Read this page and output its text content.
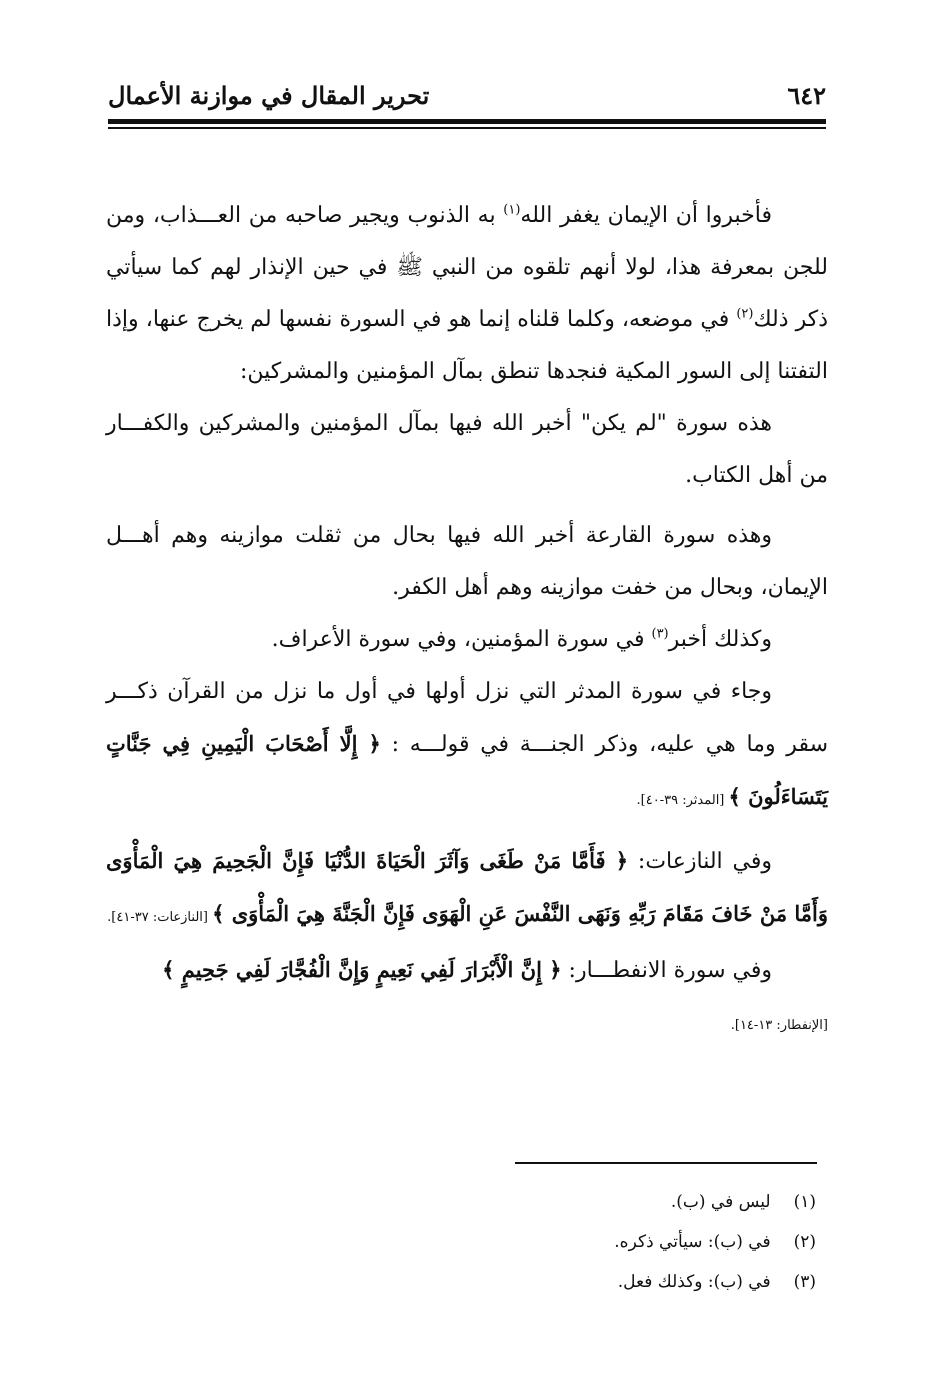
٦٤٢
تحرير المقال في موازنة الأعمال

فأخبروا أن الإيمان يغفر الله$^{(١)}$ به الذنوب ويجير صاحبه من العـــذاب، ومن للجن بمعرفة هذا، لولا أنهم تلقوه من النبي ﷺ في حين الإنذار لهم كما سيأتي ذكر ذلك$^{(٢)}$ في موضعه، وكلما قلناه إنما هو في السورة نفسها لم يخرج عنها، وإذا التفتنا إلى السور المكية فنجدها تنطق بمآل المؤمنين والمشركين:

هذه سورة "لم يكن" أخبر الله فيها بمآل المؤمنين والمشركين والكفـــار من أهل الكتاب.

وهذه سورة القارعة أخبر الله فيها بحال من ثقلت موازينه وهم أهـــل الإيمان، وبحال من خفت موازينه وهم أهل الكفر.

وكذلك أخبر$^{(٣)}$ في سورة المؤمنين، وفي سورة الأعراف.

وجاء في سورة المدثر التي نزل أولها في أول ما نزل من القرآن ذكـــر سقر وما هي عليه، وذكر الجنـــة في قولـــه : ﴿ إِلَّا أَصْحَابَ الْيَمِينِ فِي جَنَّاتٍ يَتَسَاءَلُونَ ﴾ [المدثر: ٣٩-٤٠].

وفي النازعات: ﴿ فَأَمَّا مَنْ طَغَى وَآثَرَ الْحَيَاةَ الدُّنْيَا فَإِنَّ الْجَحِيمَ هِيَ الْمَأْوَى وَأَمَّا مَنْ خَافَ مَقَامَ رَبِّهِ وَنَهَى النَّفْسَ عَنِ الْهَوَى فَإِنَّ الْجَنَّةَ هِيَ الْمَأْوَى ﴾ [النازعات: ٣٧-٤١].

وفي سورة الانفطـــار: ﴿ إِنَّ الْأَبْرَارَ لَفِي نَعِيمٍ وَإِنَّ الْفُجَّارَ لَفِي جَحِيمٍ ﴾
[الإنفطار: ١٣-١٤].

(١) ليس في (ب).

(٢) في (ب): سيأتي ذكره.

(٣) في (ب): وكذلك فعل.
